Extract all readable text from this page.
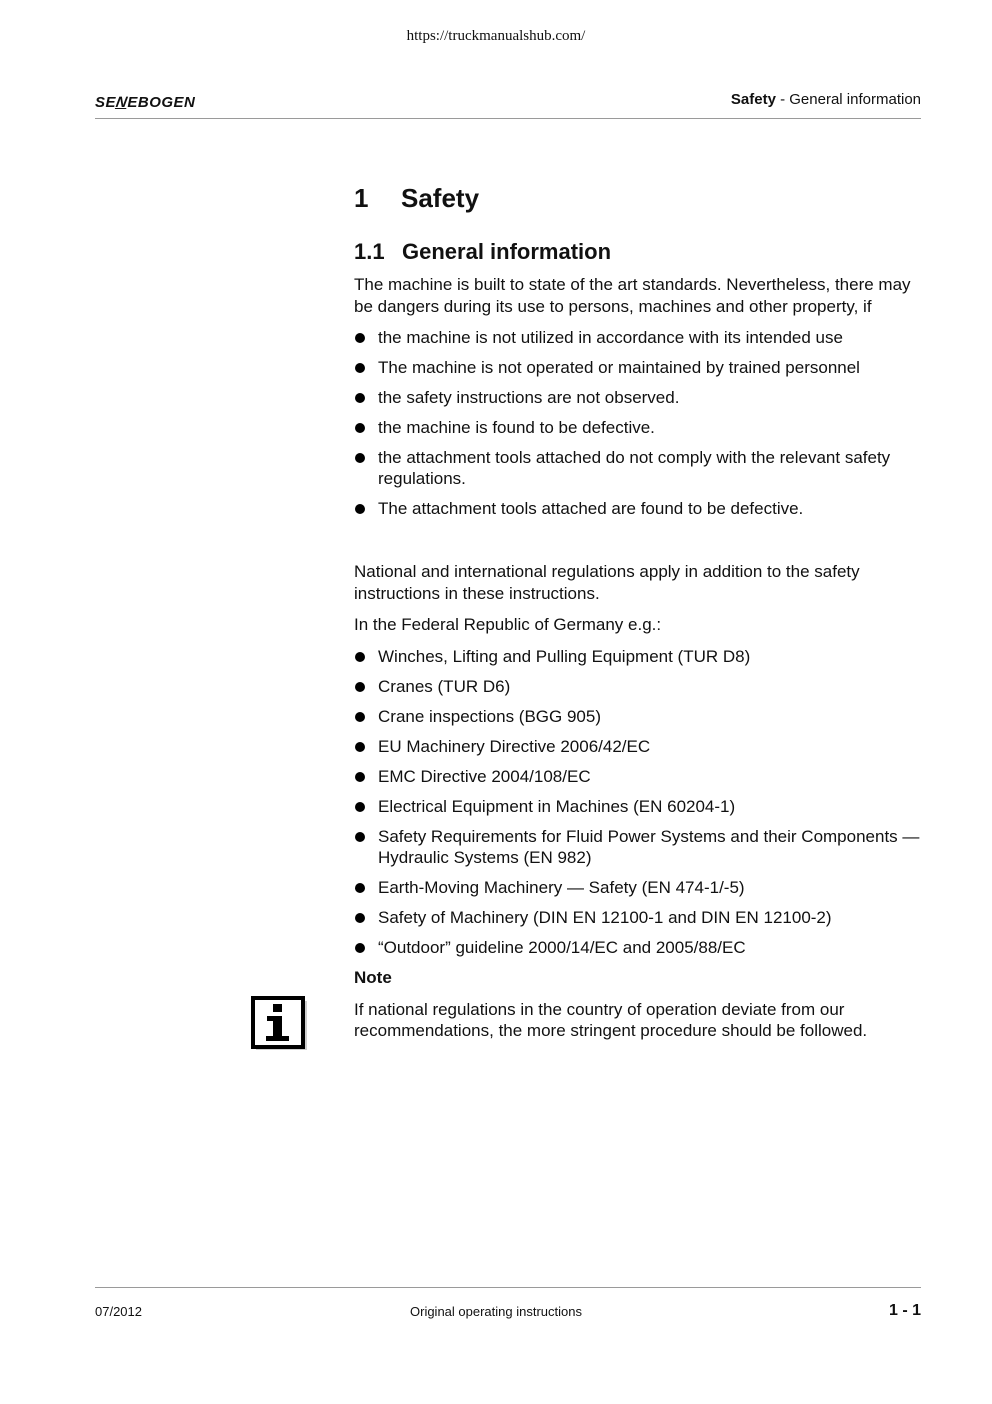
https://truckmanualshub.com/
SENEBOGEN	Safety - General information
1 Safety
1.1 General information

The machine is built to state of the art standards. Nevertheless, there may be dangers during its use to persons, machines and other property, if

the machine is not utilized in accordance with its intended use
The machine is not operated or maintained by trained personnel
the safety instructions are not observed.
the machine is found to be defective.
the attachment tools attached do not comply with the relevant safety regulations.
The attachment tools attached are found to be defective.

National and international regulations apply in addition to the safety instructions in these instructions.

In the Federal Republic of Germany e.g.:

Winches, Lifting and Pulling Equipment (TUR D8)
Cranes (TUR D6)
Crane inspections (BGG 905)
EU Machinery Directive 2006/42/EC
EMC Directive 2004/108/EC
Electrical Equipment in Machines (EN 60204-1)
Safety Requirements for Fluid Power Systems and their Components — Hydraulic Systems (EN 982)
Earth-Moving Machinery — Safety (EN 474-1/-5)
Safety of Machinery (DIN EN 12100-1 and DIN EN 12100-2)
“Outdoor” guideline 2000/14/EC and 2005/88/EC
Note

If national regulations in the country of operation deviate from our recommendations, the more stringent procedure should be followed.

07/2012	Original operating instructions	1 - 1
